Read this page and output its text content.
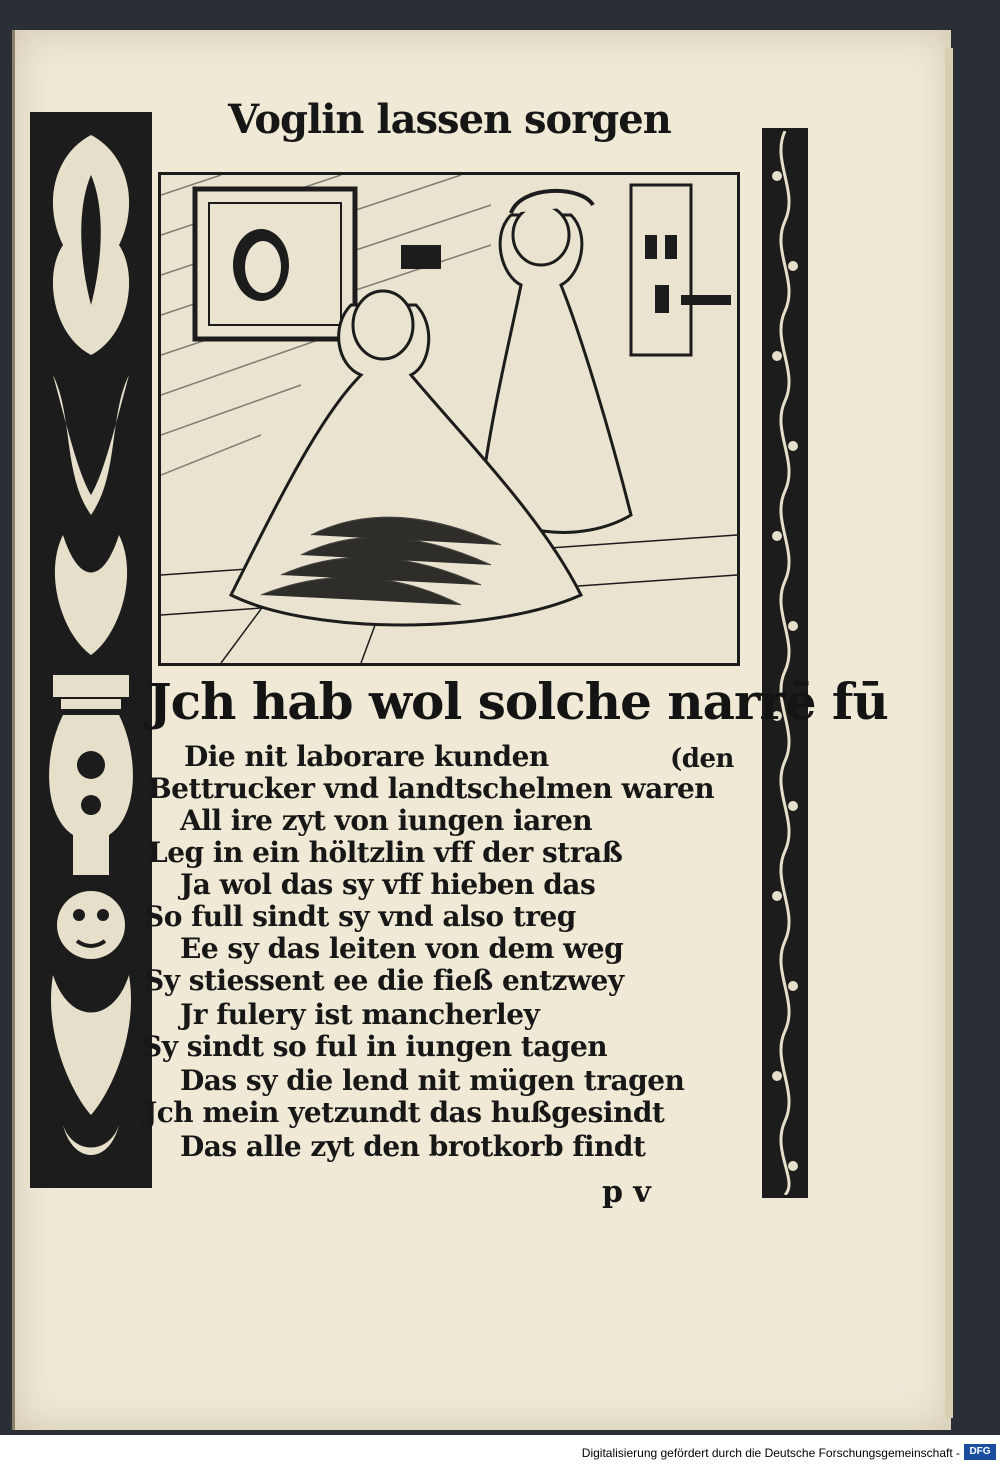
Voglin lassen sorgen
Jch hab wol solche narrē fū
(den
Die nit laborare kunden
Bettrucker vnd landtschelmen waren
All ire zyt von iungen iaren
Leg in ein höltzlin vff der straß
Ja wol das sy vff hieben das
So full sindt sy vnd also treg
Ee sy das leiten von dem weg
Sy stiessent ee die fieß entzwey
Jr fulery ist mancherley
Sy sindt so ful in iungen tagen
Das sy die lend nit mügen tragen
Jch mein yetzundt das hußgesindt
Das alle zyt den brotkorb findt
p v
Digitalisierung gefördert durch die Deutsche Forschungsgemeinschaft - DFG
